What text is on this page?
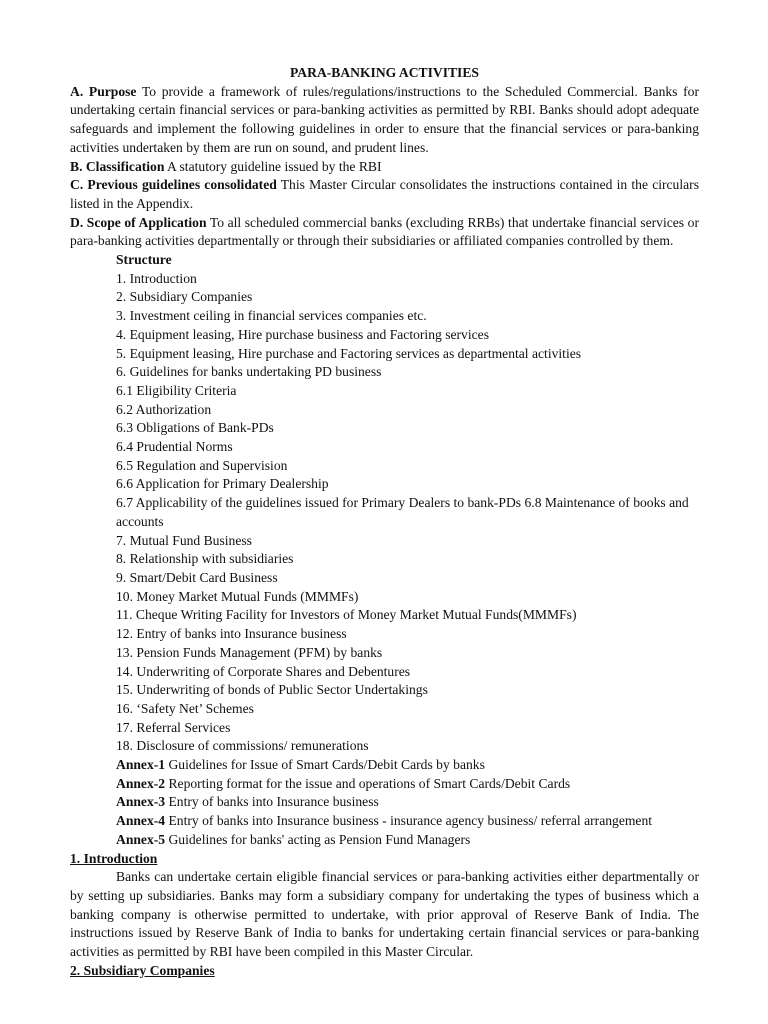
PARA-BANKING ACTIVITIES

A. Purpose To provide a framework of rules/regulations/instructions to the Scheduled Commercial. Banks for undertaking certain financial services or para-banking activities as permitted by RBI. Banks should adopt adequate safeguards and implement the following guidelines in order to ensure that the financial services or para-banking activities undertaken by them are run on sound, and prudent lines.

B. Classification A statutory guideline issued by the RBI

C. Previous guidelines consolidated This Master Circular consolidates the instructions contained in the circulars listed in the Appendix.

D. Scope of Application To all scheduled commercial banks (excluding RRBs) that undertake financial services or para-banking activities departmentally or through their subsidiaries or affiliated companies controlled by them.

Structure
1. Introduction
2. Subsidiary Companies
3. Investment ceiling in financial services companies etc.
4. Equipment leasing, Hire purchase business and Factoring services
5. Equipment leasing, Hire purchase and Factoring services as departmental activities
6. Guidelines for banks undertaking PD business
6.1 Eligibility Criteria
6.2 Authorization
6.3 Obligations of Bank-PDs
6.4 Prudential Norms
6.5 Regulation and Supervision
6.6 Application for Primary Dealership
6.7 Applicability of the guidelines issued for Primary Dealers to bank-PDs 6.8 Maintenance of books and accounts
7. Mutual Fund Business
8. Relationship with subsidiaries
9. Smart/Debit Card Business
10. Money Market Mutual Funds (MMMFs)
11. Cheque Writing Facility for Investors of Money Market Mutual Funds(MMMFs)
12. Entry of banks into Insurance business
13. Pension Funds Management (PFM) by banks
14. Underwriting of Corporate Shares and Debentures
15. Underwriting of bonds of Public Sector Undertakings
16. ‘Safety Net’ Schemes
17. Referral Services
18. Disclosure of commissions/ remunerations
Annex-1 Guidelines for Issue of Smart Cards/Debit Cards by banks
Annex-2 Reporting format for the issue and operations of Smart Cards/Debit Cards
Annex-3 Entry of banks into Insurance business
Annex-4 Entry of banks into Insurance business - insurance agency business/ referral arrangement
Annex-5 Guidelines for banks' acting as Pension Fund Managers
1. Introduction

Banks can undertake certain eligible financial services or para-banking activities either departmentally or by setting up subsidiaries. Banks may form a subsidiary company for undertaking the types of business which a banking company is otherwise permitted to undertake, with prior approval of Reserve Bank of India. The instructions issued by Reserve Bank of India to banks for undertaking certain financial services or para-banking activities as permitted by RBI have been compiled in this Master Circular.

2. Subsidiary Companies
